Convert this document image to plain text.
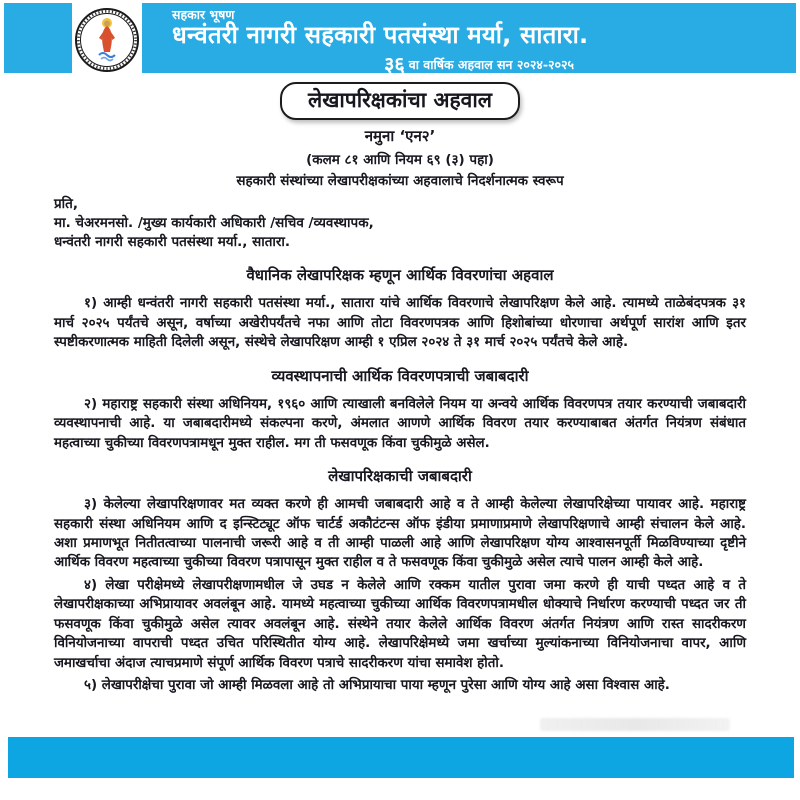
सहकार भूषण
धन्वंतरी नागरी सहकारी पतसंस्था मर्या, सातारा.
३६ वा वार्षिक अहवाल सन २०२४-२०२५
लेखापरिक्षकांचा अहवाल
नमुना ‘एन२’
(कलम ८१ आणि नियम ६९ (३) पहा)
सहकारी संस्थांच्या लेखापरीक्षकांच्या अहवालाचे निदर्शनात्मक स्वरूप
प्रति,
मा. चेअरमनसो. /मुख्य कार्यकारी अधिकारी /सचिव /व्यवस्थापक,
धन्वंतरी नागरी सहकारी पतसंस्था मर्या., सातारा.
वैधानिक लेखापरिक्षक म्हणून आर्थिक विवरणांचा अहवाल

१) आम्ही धन्वंतरी नागरी सहकारी पतसंस्था मर्या., सातारा यांचे आर्थिक विवरणाचे लेखापरिक्षण केले आहे. त्यामध्ये ताळेबंदपत्रक ३१ मार्च २०२५ पर्यंतचे असून, वर्षाच्या अखेरीपर्यंतचे नफा आणि तोटा विवरणपत्रक आणि हिशोबांच्या धोरणाचा अर्थपूर्ण सारांश आणि इतर स्पष्टीकरणात्मक माहिती दिलेली असून, संस्थेचे लेखापरिक्षण आम्ही १ एप्रिल २०२४ ते ३१ मार्च २०२५ पर्यंतचे केले आहे.

व्यवस्थापनाची आर्थिक विवरणपत्राची जबाबदारी

२) महाराष्ट्र सहकारी संस्था अधिनियम, १९६० आणि त्याखाली बनविलेले नियम या अन्वये आर्थिक विवरणपत्र तयार करण्याची जबाबदारी व्यवस्थापनाची आहे. या जबाबदारीमध्ये संकल्पना करणे, अंमलात आणणे आर्थिक विवरण तयार करण्याबाबत अंतर्गत नियंत्रण संबंधात महत्वाच्या चुकीच्या विवरणपत्रामधून मुक्त राहील. मग ती फसवणूक किंवा चुकीमुळे असेल.

लेखापरिक्षकाची जबाबदारी

३) केलेल्या लेखापरिक्षणावर मत व्यक्त करणे ही आमची जबाबदारी आहे व ते आम्ही केलेल्या लेखापरिक्षेच्या पायावर आहे. महाराष्ट्र सहकारी संस्था अधिनियम आणि द इन्स्टिट्यूट ऑफ चार्टर्ड अकौटंटन्स ऑफ इंडीया प्रमाणाप्रमाणे लेखापरिक्षणाचे आम्ही संचालन केले आहे. अशा प्रमाणभूत नितीतत्वाच्या पालनाची जरूरी आहे व ती आम्ही पाळली आहे आणि लेखापरिक्षण योग्य आश्वासनपूर्ती मिळविण्याच्या दृष्टीने आर्थिक विवरण महत्वाच्या चुकीच्या विवरण पत्रापासून मुक्त राहील व ते फसवणूक किंवा चुकीमुळे असेल त्याचे पालन आम्ही केले आहे.

४) लेखा परीक्षेमध्ये लेखापरीक्षणामधील जे उघड न केलेले आणि रक्कम यातील पुरावा जमा करणे ही याची पध्दत आहे व ते लेखापरीक्षकाच्या अभिप्रायावर अवलंबून आहे. यामध्ये महत्वाच्या चुकीच्या आर्थिक विवरणपत्रामधील धोक्याचे निर्धारण करण्याची पध्दत जर ती फसवणूक किंवा चुकीमुळे असेल त्यावर अवलंबून आहे. संस्थेने तयार केलेले आर्थिक विवरण अंतर्गत नियंत्रण आणि रास्त सादरीकरण विनियोजनाच्या वापराची पध्दत उचित परिस्थितीत योग्य आहे. लेखापरिक्षेमध्ये जमा खर्चाच्या मुल्यांकनाच्या विनियोजनाचा वापर, आणि जमाखर्चाचा अंदाज त्याचप्रमाणे संपूर्ण आर्थिक विवरण पत्राचे सादरीकरण यांचा समावेश होतो.

५) लेखापरीक्षेचा पुरावा जो आम्ही मिळवला आहे तो अभिप्रायाचा पाया म्हणून पुरेसा आणि योग्य आहे असा विश्वास आहे.
